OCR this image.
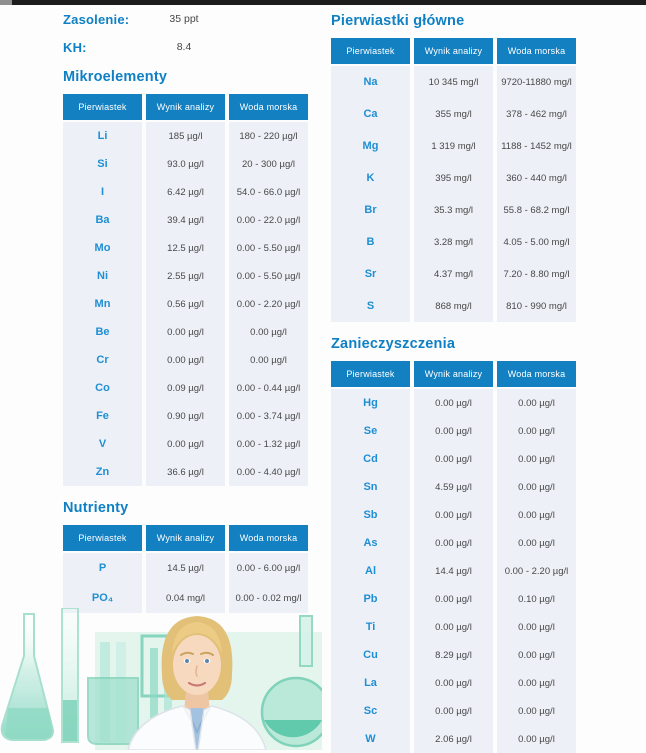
Zasolenie:	35 ppt
KH:	8.4
Mikroelementy
Pierwiastek	Wynik analizy	Woda morska
Li	185 µg/l	180 - 220 µg/l
Si	93.0 µg/l	20 - 300 µg/l
I	6.42 µg/l	54.0 - 66.0 µg/l
Ba	39.4 µg/l	0.00 - 22.0 µg/l
Mo	12.5 µg/l	0.00 - 5.50 µg/l
Ni	2.55 µg/l	0.00 - 5.50 µg/l
Mn	0.56 µg/l	0.00 - 2.20 µg/l
Be	0.00 µg/l	0.00 µg/l
Cr	0.00 µg/l	0.00 µg/l
Co	0.09 µg/l	0.00 - 0.44 µg/l
Fe	0.90 µg/l	0.00 - 3.74 µg/l
V	0.00 µg/l	0.00 - 1.32 µg/l
Zn	36.6 µg/l	0.00 - 4.40 µg/l
Nutrienty
Pierwiastek	Wynik analizy	Woda morska
P	14.5 µg/l	0.00 - 6.00 µg/l
PO₄	0.04 mg/l	0.00 - 0.02 mg/l
Pierwiastki główne
Pierwiastek	Wynik analizy	Woda morska
Na	10 345 mg/l	9720-11880 mg/l
Ca	355 mg/l	378 - 462 mg/l
Mg	1 319 mg/l	1188 - 1452 mg/l
K	395 mg/l	360 - 440 mg/l
Br	35.3 mg/l	55.8 - 68.2 mg/l
B	3.28 mg/l	4.05 - 5.00 mg/l
Sr	4.37 mg/l	7.20 - 8.80 mg/l
S	868 mg/l	810 - 990 mg/l
Zanieczyszczenia
Pierwiastek	Wynik analizy	Woda morska
Hg	0.00 µg/l	0.00 µg/l
Se	0.00 µg/l	0.00 µg/l
Cd	0.00 µg/l	0.00 µg/l
Sn	4.59 µg/l	0.00 µg/l
Sb	0.00 µg/l	0.00 µg/l
As	0.00 µg/l	0.00 µg/l
Al	14.4 µg/l	0.00 - 2.20 µg/l
Pb	0.00 µg/l	0.10 µg/l
Ti	0.00 µg/l	0.00 µg/l
Cu	8.29 µg/l	0.00 µg/l
La	0.00 µg/l	0.00 µg/l
Sc	0.00 µg/l	0.00 µg/l
W	2.06 µg/l	0.00 µg/l
